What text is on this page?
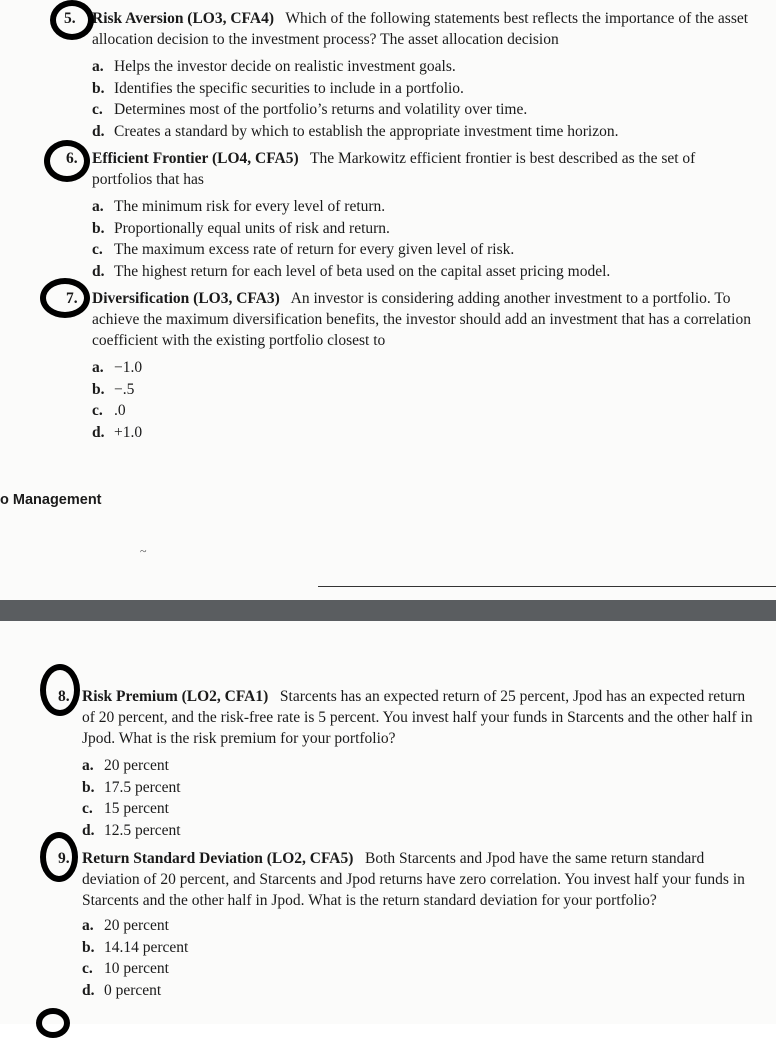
5. Risk Aversion (LO3, CFA4) Which of the following statements best reflects the importance of the asset allocation decision to the investment process? The asset allocation decision

a. Helps the investor decide on realistic investment goals.
b. Identifies the specific securities to include in a portfolio.
c. Determines most of the portfolio’s returns and volatility over time.
d. Creates a standard by which to establish the appropriate investment time horizon.

6. Efficient Frontier (LO4, CFA5) The Markowitz efficient frontier is best described as the set of portfolios that has

a. The minimum risk for every level of return.
b. Proportionally equal units of risk and return.
c. The maximum excess rate of return for every given level of risk.
d. The highest return for each level of beta used on the capital asset pricing model.

7. Diversification (LO3, CFA3) An investor is considering adding another investment to a portfolio. To achieve the maximum diversification benefits, the investor should add an investment that has a correlation coefficient with the existing portfolio closest to

a. −1.0
b. −.5
c. .0
d. +1.0
o Management
~

8. Risk Premium (LO2, CFA1) Starcents has an expected return of 25 percent, Jpod has an expected return of 20 percent, and the risk-free rate is 5 percent. You invest half your funds in Starcents and the other half in Jpod. What is the risk premium for your portfolio?

a. 20 percent
b. 17.5 percent
c. 15 percent
d. 12.5 percent

9. Return Standard Deviation (LO2, CFA5) Both Starcents and Jpod have the same return standard deviation of 20 percent, and Starcents and Jpod returns have zero correlation. You invest half your funds in Starcents and the other half in Jpod. What is the return standard deviation for your portfolio?

a. 20 percent
b. 14.14 percent
c. 10 percent
d. 0 percent
